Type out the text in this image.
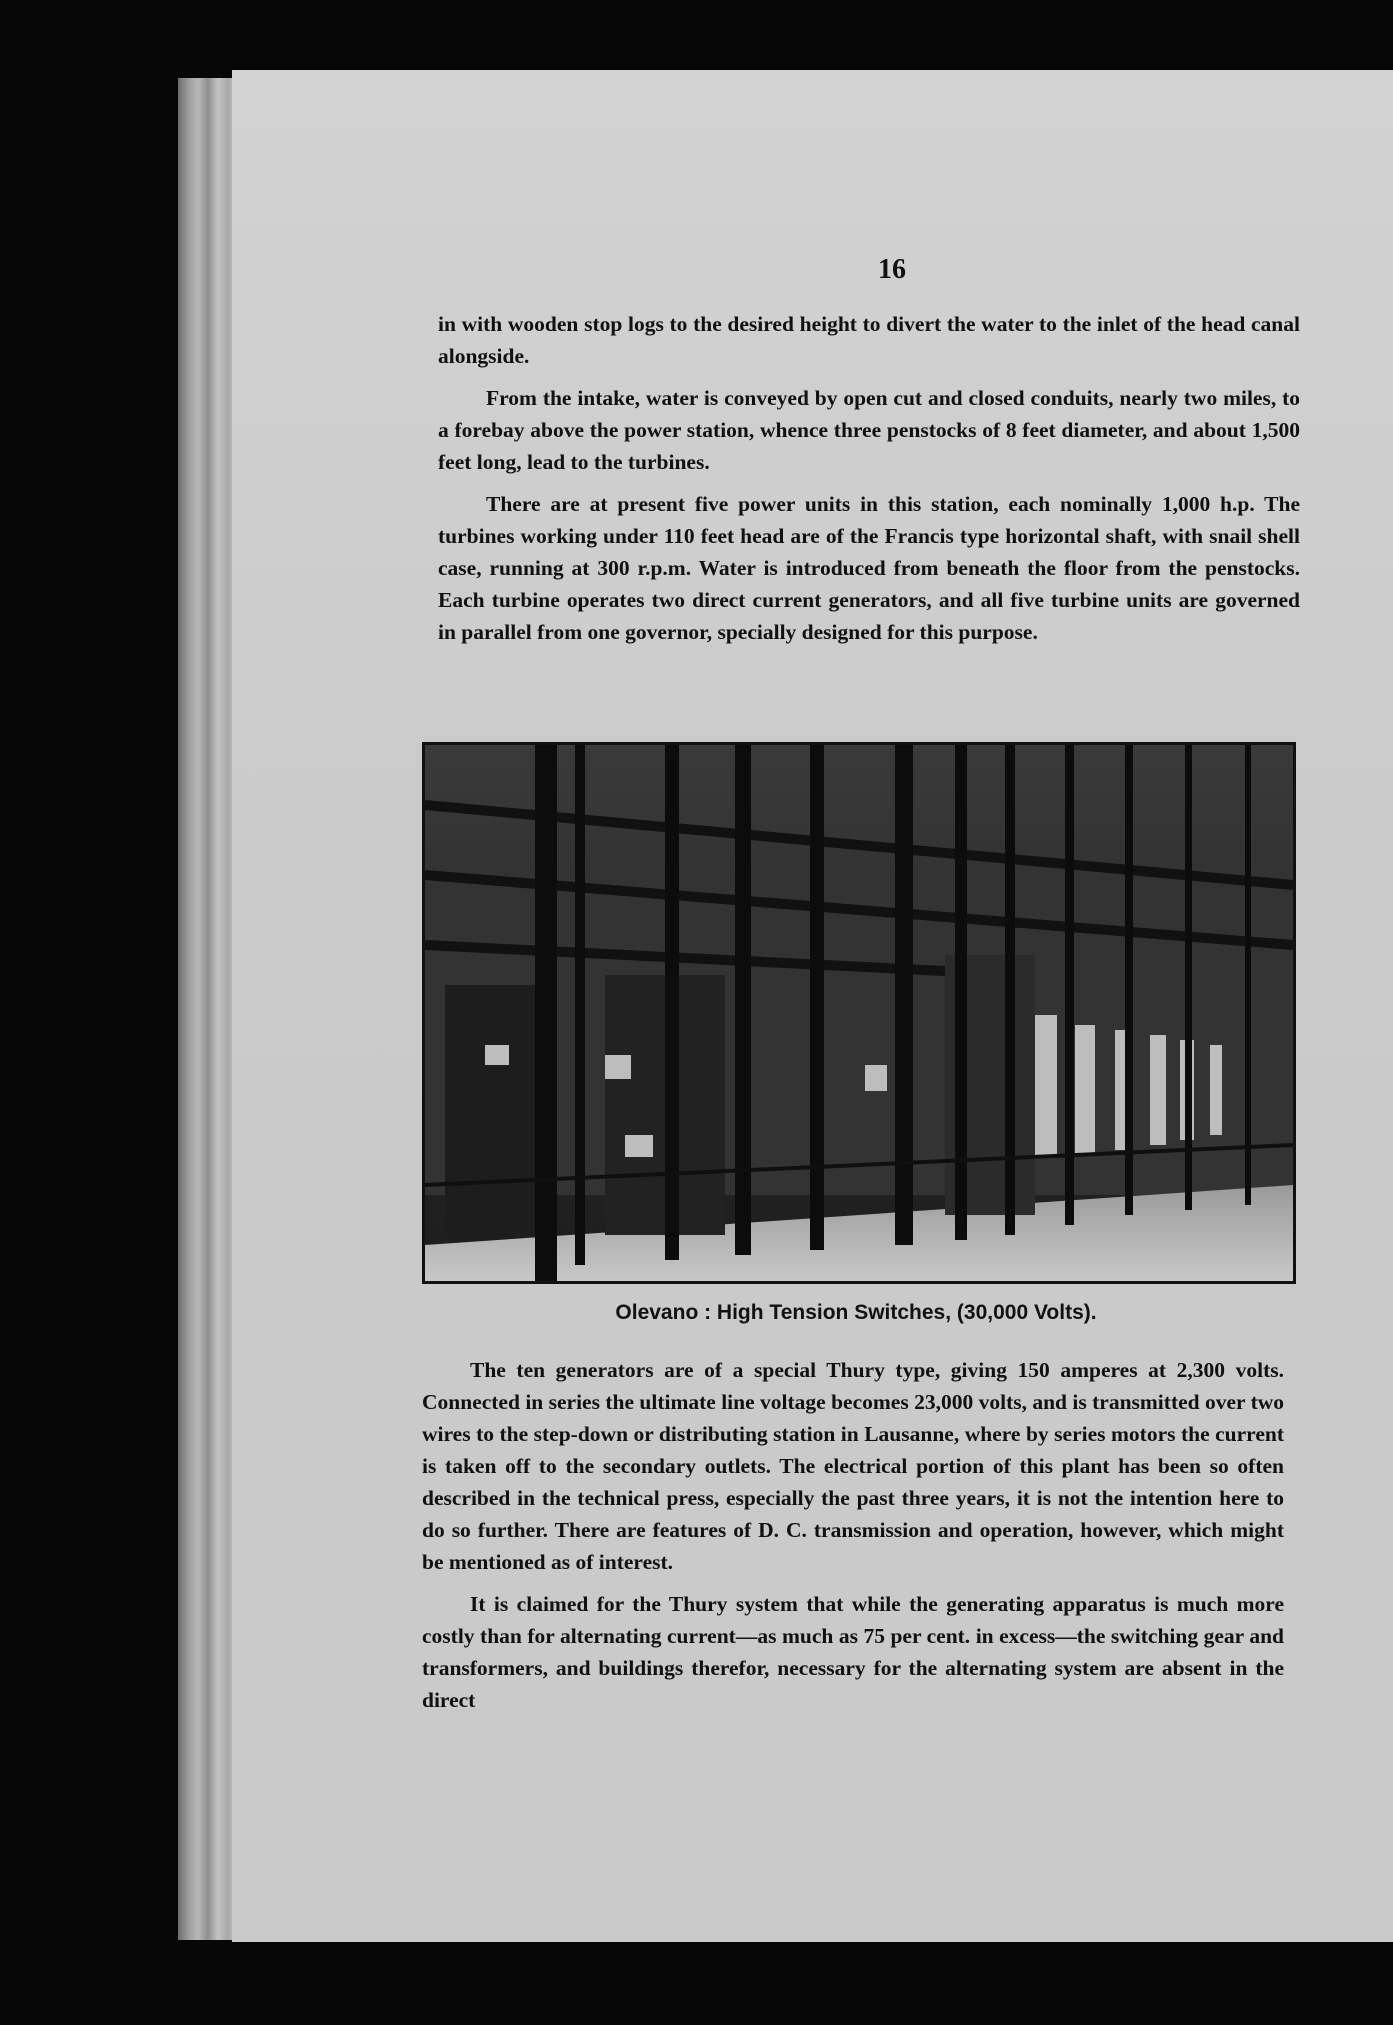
16

in with wooden stop logs to the desired height to divert the water to the inlet of the head canal alongside.

From the intake, water is conveyed by open cut and closed conduits, nearly two miles, to a forebay above the power station, whence three penstocks of 8 feet diameter, and about 1,500 feet long, lead to the turbines.

There are at present five power units in this station, each nominally 1,000 h.p. The turbines working under 110 feet head are of the Francis type horizontal shaft, with snail shell case, running at 300 r.p.m. Water is introduced from beneath the floor from the penstocks. Each turbine operates two direct current generators, and all five turbine units are governed in parallel from one governor, specially designed for this purpose.

Olevano : High Tension Switches, (30,000 Volts).

The ten generators are of a special Thury type, giving 150 amperes at 2,300 volts. Connected in series the ultimate line voltage becomes 23,000 volts, and is transmitted over two wires to the step-down or distributing station in Lausanne, where by series motors the current is taken off to the secondary outlets. The electrical portion of this plant has been so often described in the technical press, especially the past three years, it is not the intention here to do so further. There are features of D. C. transmission and operation, however, which might be mentioned as of interest.

It is claimed for the Thury system that while the generating apparatus is much more costly than for alternating current—as much as 75 per cent. in excess—the switching gear and transformers, and buildings therefor, necessary for the alternating system are absent in the direct
